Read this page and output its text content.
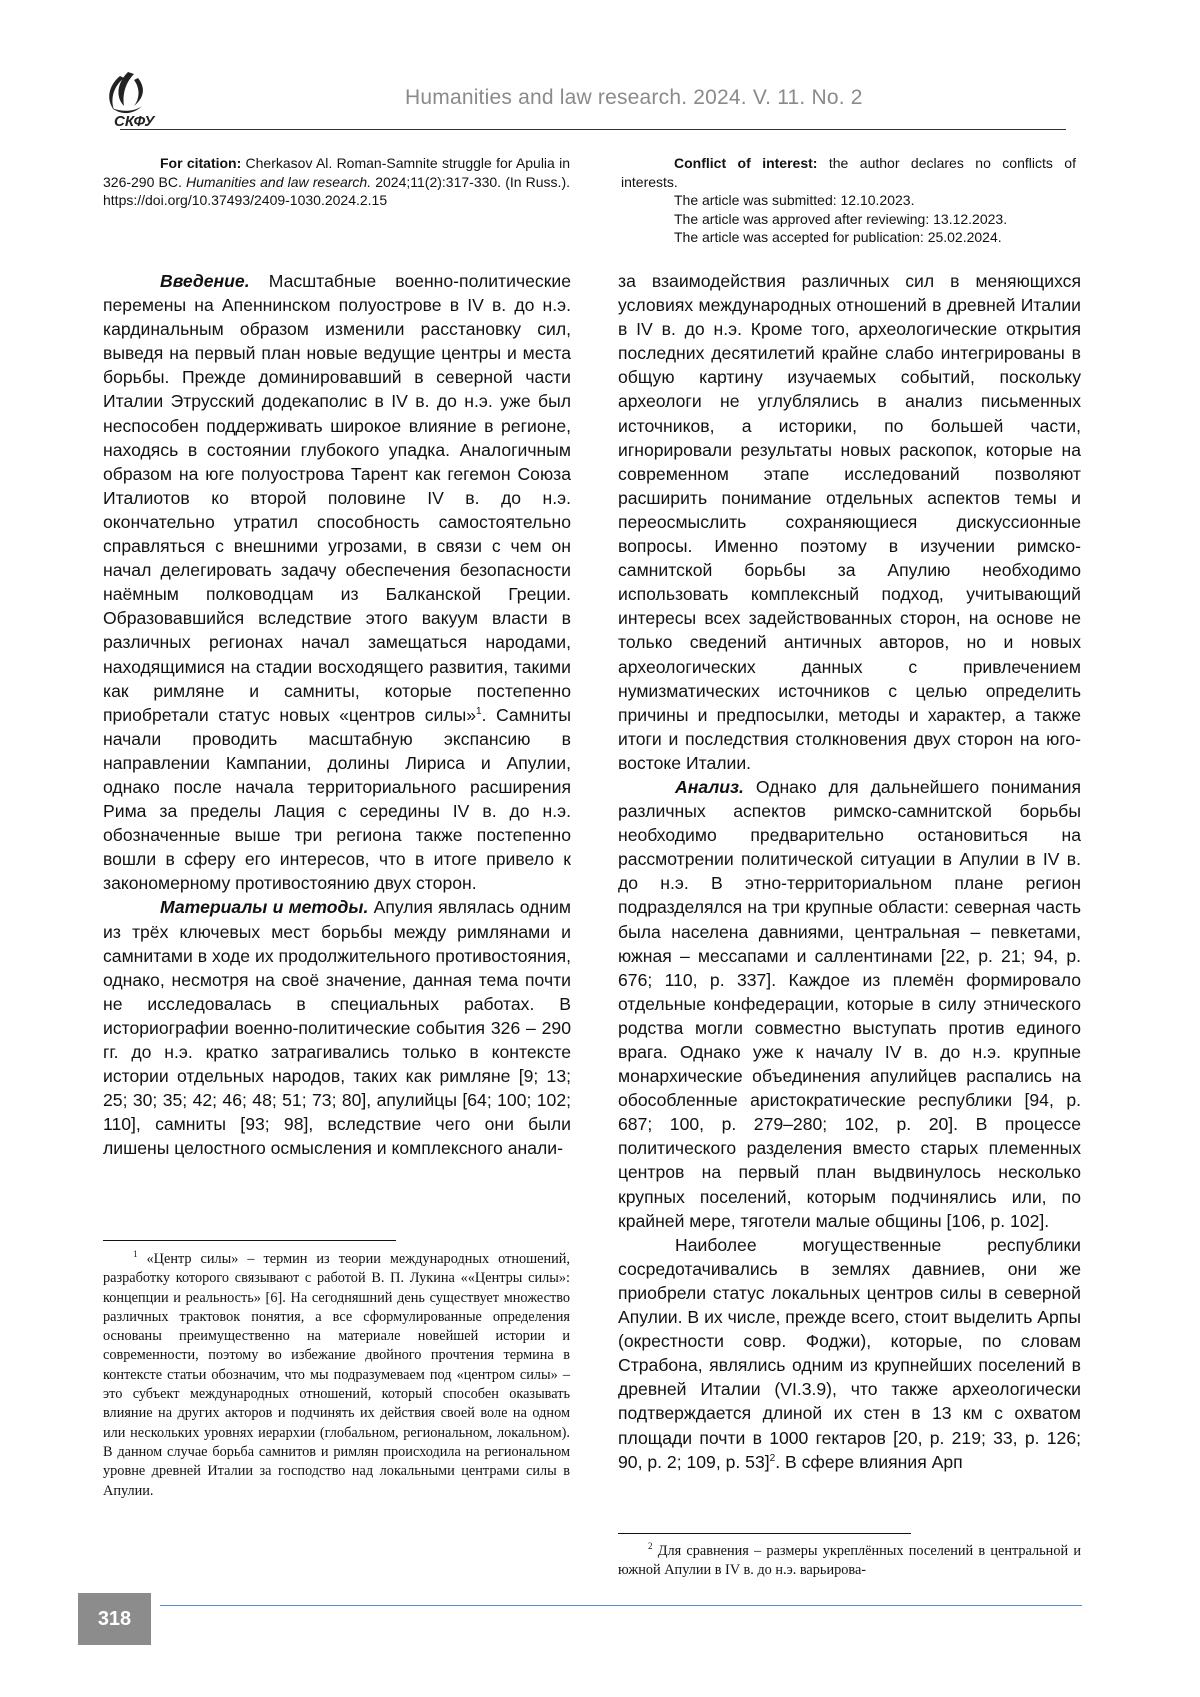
СКФУ
Humanities and law research. 2024. V. 11. No. 2

For citation: Cherkasov Al. Roman-Samnite struggle for Apulia in 326-290 BC. Humanities and law research. 2024;11(2):317-330. (In Russ.). https://doi.org/10.37493/2409-1030.2024.2.15

Conflict of interest: the author declares no conflicts of interests.

The article was submitted: 12.10.2023.

The article was approved after reviewing: 13.12.2023.

The article was accepted for publication: 25.02.2024.

Введение. Масштабные военно-политические перемены на Апеннинском полуострове в IV в. до н.э. кардинальным образом изменили расстановку сил, выведя на первый план новые ведущие центры и места борьбы. Прежде доминировавший в северной части Италии Этрусский додекаполис в IV в. до н.э. уже был неспособен поддерживать широкое влияние в регионе, находясь в состоянии глубокого упадка. Аналогичным образом на юге полуострова Тарент как гегемон Союза Италиотов ко второй половине IV в. до н.э. окончательно утратил способность самостоятельно справляться с внешними угрозами, в связи с чем он начал делегировать задачу обеспечения безопасности наёмным полководцам из Балканской Греции. Образовавшийся вследствие этого вакуум власти в различных регионах начал замещаться народами, находящимися на стадии восходящего развития, такими как римляне и самниты, которые постепенно приобретали статус новых «центров силы»1. Самниты начали проводить масштабную экспансию в направлении Кампании, долины Лириса и Апулии, однако после начала территориального расширения Рима за пределы Лация с середины IV в. до н.э. обозначенные выше три региона также постепенно вошли в сферу его интересов, что в итоге привело к закономерному противостоянию двух сторон.

Материалы и методы. Апулия являлась одним из трёх ключевых мест борьбы между римлянами и самнитами в ходе их продолжительного противостояния, однако, несмотря на своё значение, данная тема почти не исследовалась в специальных работах. В историографии военно-политические события 326 – 290 гг. до н.э. кратко затрагивались только в контексте истории отдельных народов, таких как римляне [9; 13; 25; 30; 35; 42; 46; 48; 51; 73; 80], апулийцы [64; 100; 102; 110], самниты [93; 98], вследствие чего они были лишены целостного осмысления и комплексного анали-

за взаимодействия различных сил в меняющихся условиях международных отношений в древней Италии в IV в. до н.э. Кроме того, археологические открытия последних десятилетий крайне слабо интегрированы в общую картину изучаемых событий, поскольку археологи не углублялись в анализ письменных источников, а историки, по большей части, игнорировали результаты новых раскопок, которые на современном этапе исследований позволяют расширить понимание отдельных аспектов темы и переосмыслить сохраняющиеся дискуссионные вопросы. Именно поэтому в изучении римско-самнитской борьбы за Апулию необходимо использовать комплексный подход, учитывающий интересы всех задействованных сторон, на основе не только сведений античных авторов, но и новых археологических данных с привлечением нумизматических источников с целью определить причины и предпосылки, методы и характер, а также итоги и последствия столкновения двух сторон на юго-востоке Италии.

Анализ. Однако для дальнейшего понимания различных аспектов римско-самнитской борьбы необходимо предварительно остановиться на рассмотрении политической ситуации в Апулии в IV в. до н.э. В этно-территориальном плане регион подразделялся на три крупные области: северная часть была населена давниями, центральная – певкетами, южная – мессапами и саллентинами [22, p. 21; 94, p. 676; 110, p. 337]. Каждое из племён формировало отдельные конфедерации, которые в силу этнического родства могли совместно выступать против единого врага. Однако уже к началу IV в. до н.э. крупные монархические объединения апулийцев распались на обособленные аристократические республики [94, p. 687; 100, p. 279–280; 102, p. 20]. В процессе политического разделения вместо старых племенных центров на первый план выдвинулось несколько крупных поселений, которым подчинялись или, по крайней мере, тяготели малые общины [106, p. 102].

Наиболее могущественные республики сосредотачивались в землях давниев, они же приобрели статус локальных центров силы в северной Апулии. В их числе, прежде всего, стоит выделить Арпы (окрестности совр. Фоджи), которые, по словам Страбона, являлись одним из крупнейших поселений в древней Италии (VI.3.9), что также археологически подтверждается длиной их стен в 13 км с охватом площади почти в 1000 гектаров [20, p. 219; 33, p. 126; 90, p. 2; 109, p. 53]2. В сфере влияния Арп

1 «Центр силы» – термин из теории международных отношений, разработку которого связывают с работой В. П. Лукина ««Центры силы»: концепции и реальность» [6]. На сегодняшний день существует множество различных трактовок понятия, а все сформулированные определения основаны преимущественно на материале новейшей истории и современности, поэтому во избежание двойного прочтения термина в контексте статьи обозначим, что мы подразумеваем под «центром силы» – это субъект международных отношений, который способен оказывать влияние на других акторов и подчинять их действия своей воле на одном или нескольких уровнях иерархии (глобальном, региональном, локальном). В данном случае борьба самнитов и римлян происходила на региональном уровне древней Италии за господство над локальными центрами силы в Апулии.

2 Для сравнения – размеры укреплённых поселений в центральной и южной Апулии в IV в. до н.э. варьирова-

318
